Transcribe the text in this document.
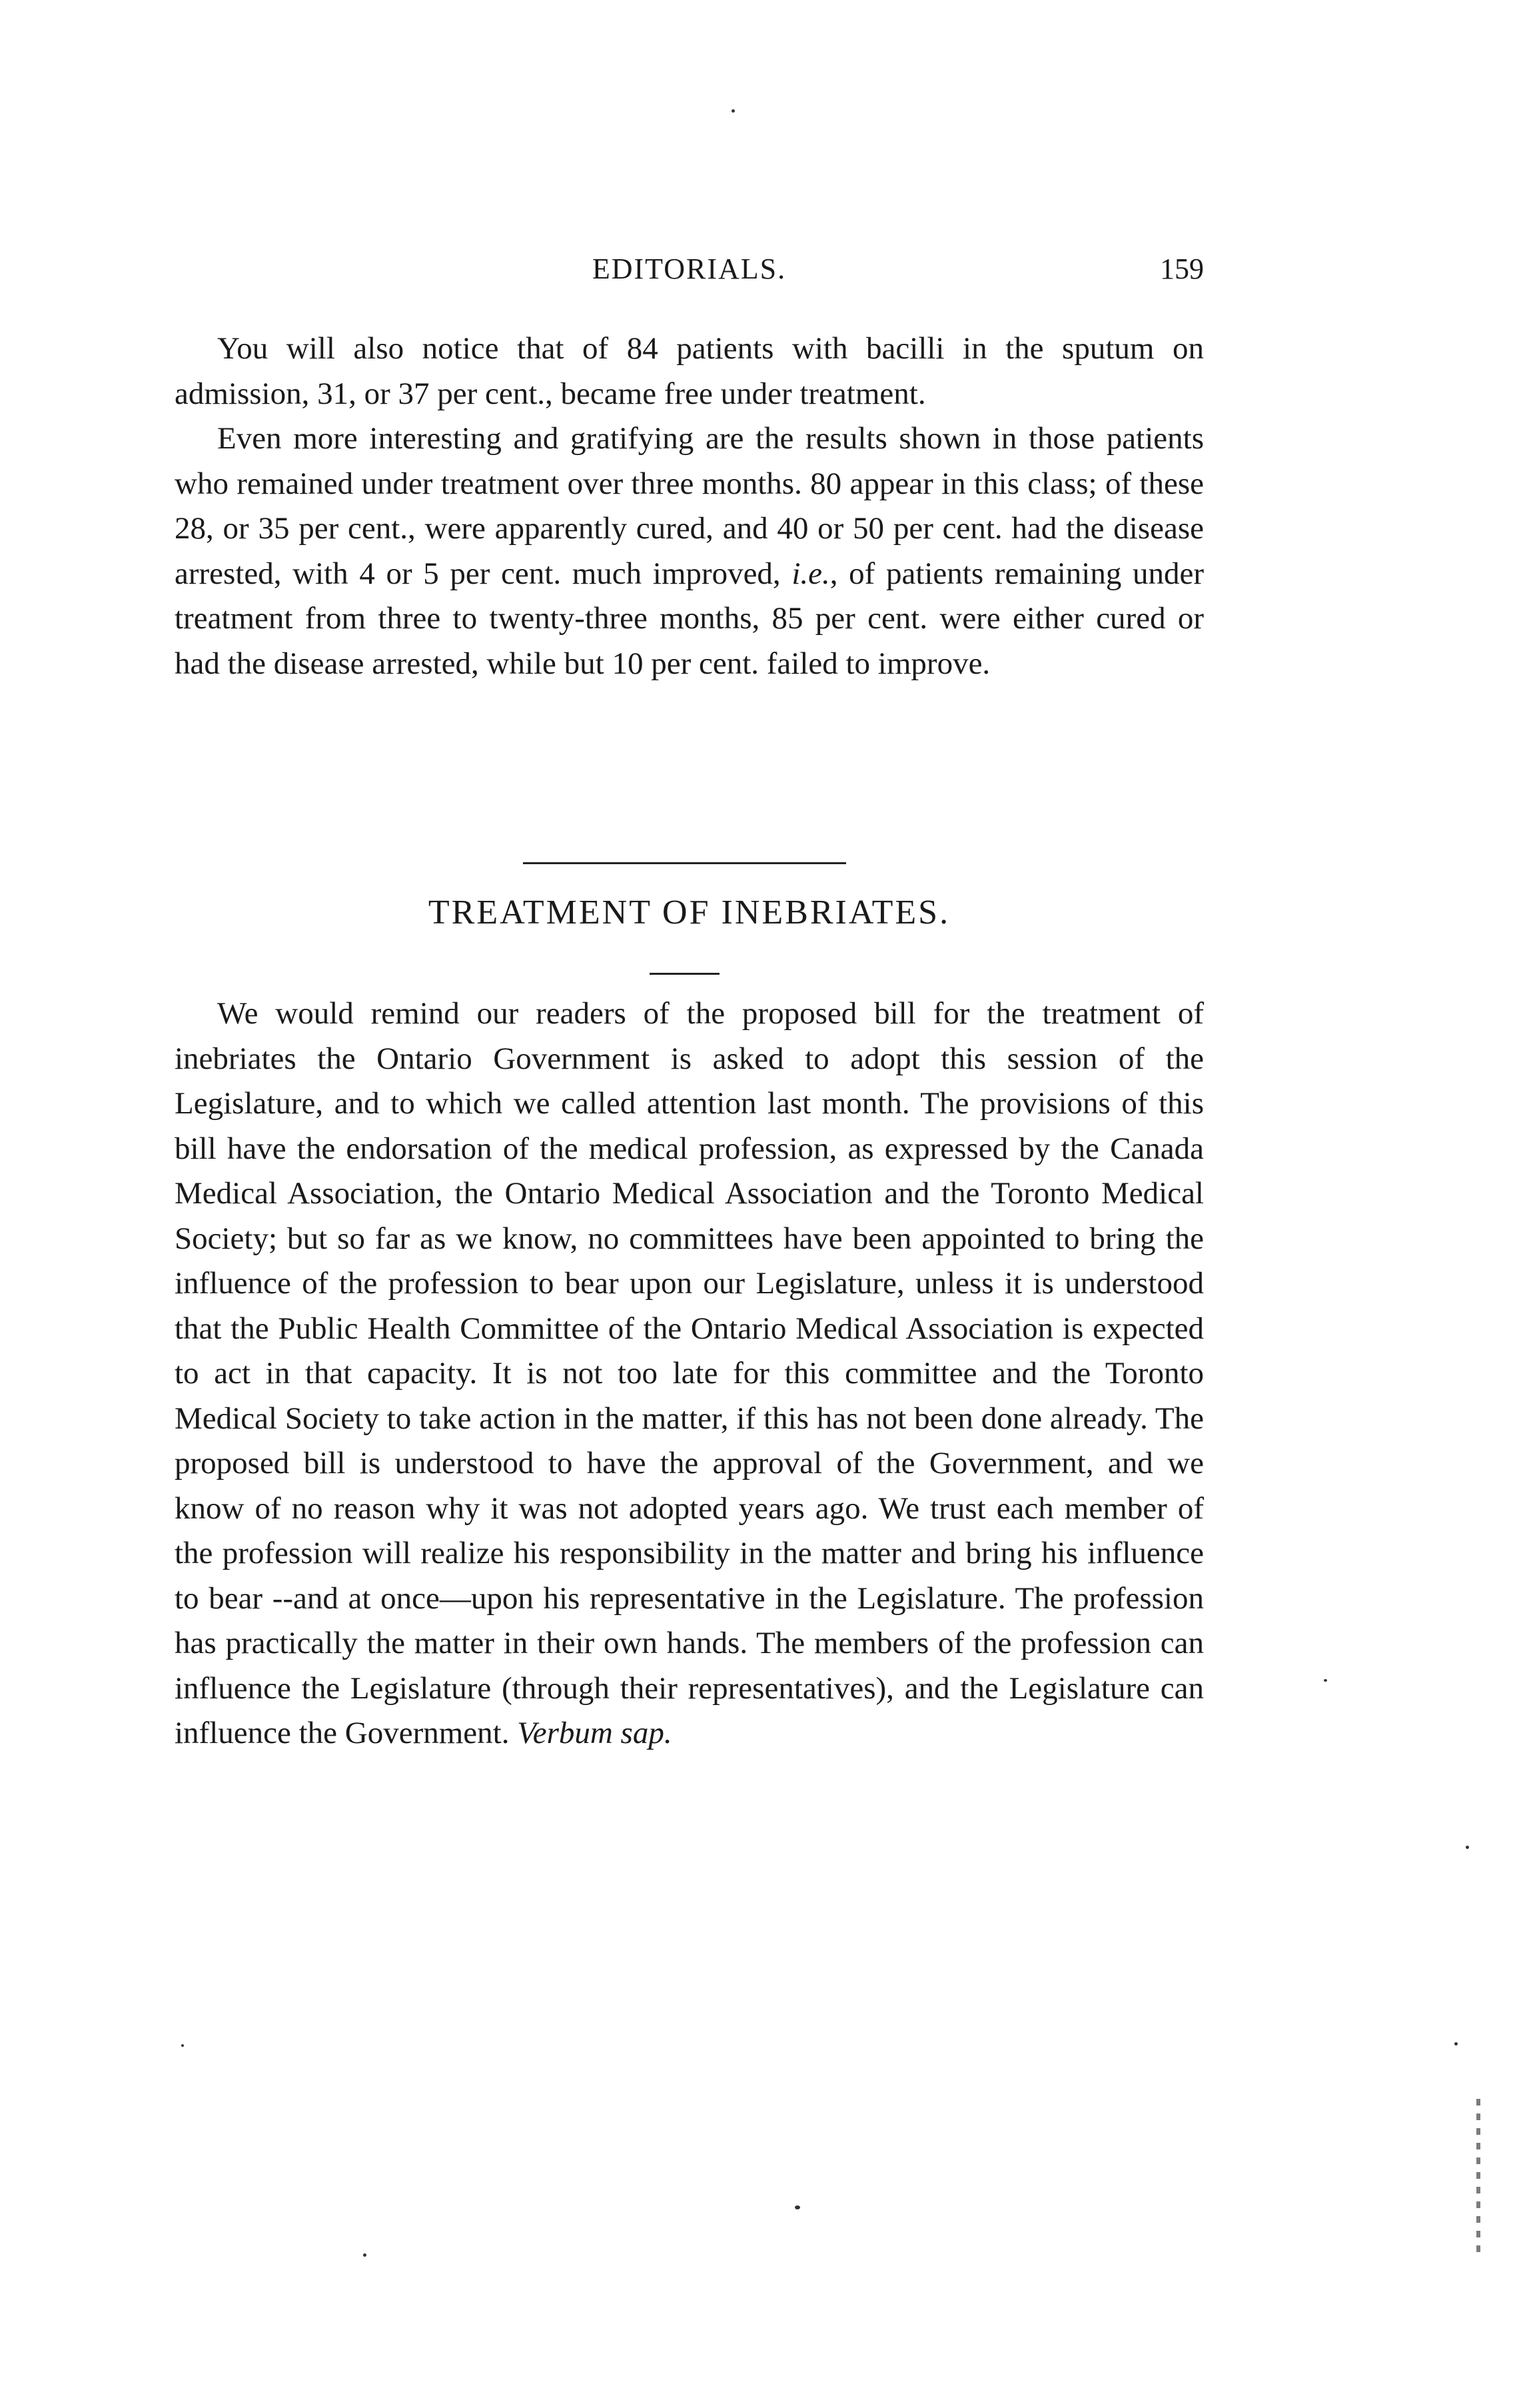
EDITORIALS.	159

You will also notice that of 84 patients with bacilli in the sputum on admission, 31, or 37 per cent., became free under treatment.

Even more interesting and gratifying are the results shown in those patients who remained under treatment over three months. 80 appear in this class; of these 28, or 35 per cent., were apparently cured, and 40 or 50 per cent. had the disease arrested, with 4 or 5 per cent. much improved, i.e., of patients remaining under treatment from three to twenty-three months, 85 per cent. were either cured or had the disease arrested, while but 10 per cent. failed to improve.

TREATMENT OF INEBRIATES.

We would remind our readers of the proposed bill for the treatment of inebriates the Ontario Government is asked to adopt this session of the Legislature, and to which we called attention last month. The provisions of this bill have the endorsation of the medical profession, as expressed by the Canada Medical Association, the Ontario Medical Association and the Toronto Medical Society; but so far as we know, no committees have been appointed to bring the influence of the profession to bear upon our Legislature, unless it is understood that the Public Health Committee of the Ontario Medical Association is expected to act in that capacity. It is not too late for this committee and the Toronto Medical Society to take action in the matter, if this has not been done already. The proposed bill is understood to have the approval of the Government, and we know of no reason why it was not adopted years ago. We trust each member of the profession will realize his responsibility in the matter and bring his influence to bear --and at once—upon his representative in the Legislature. The profession has practically the matter in their own hands. The members of the profession can influence the Legislature (through their representatives), and the Legislature can influence the Government. Verbum sap.
